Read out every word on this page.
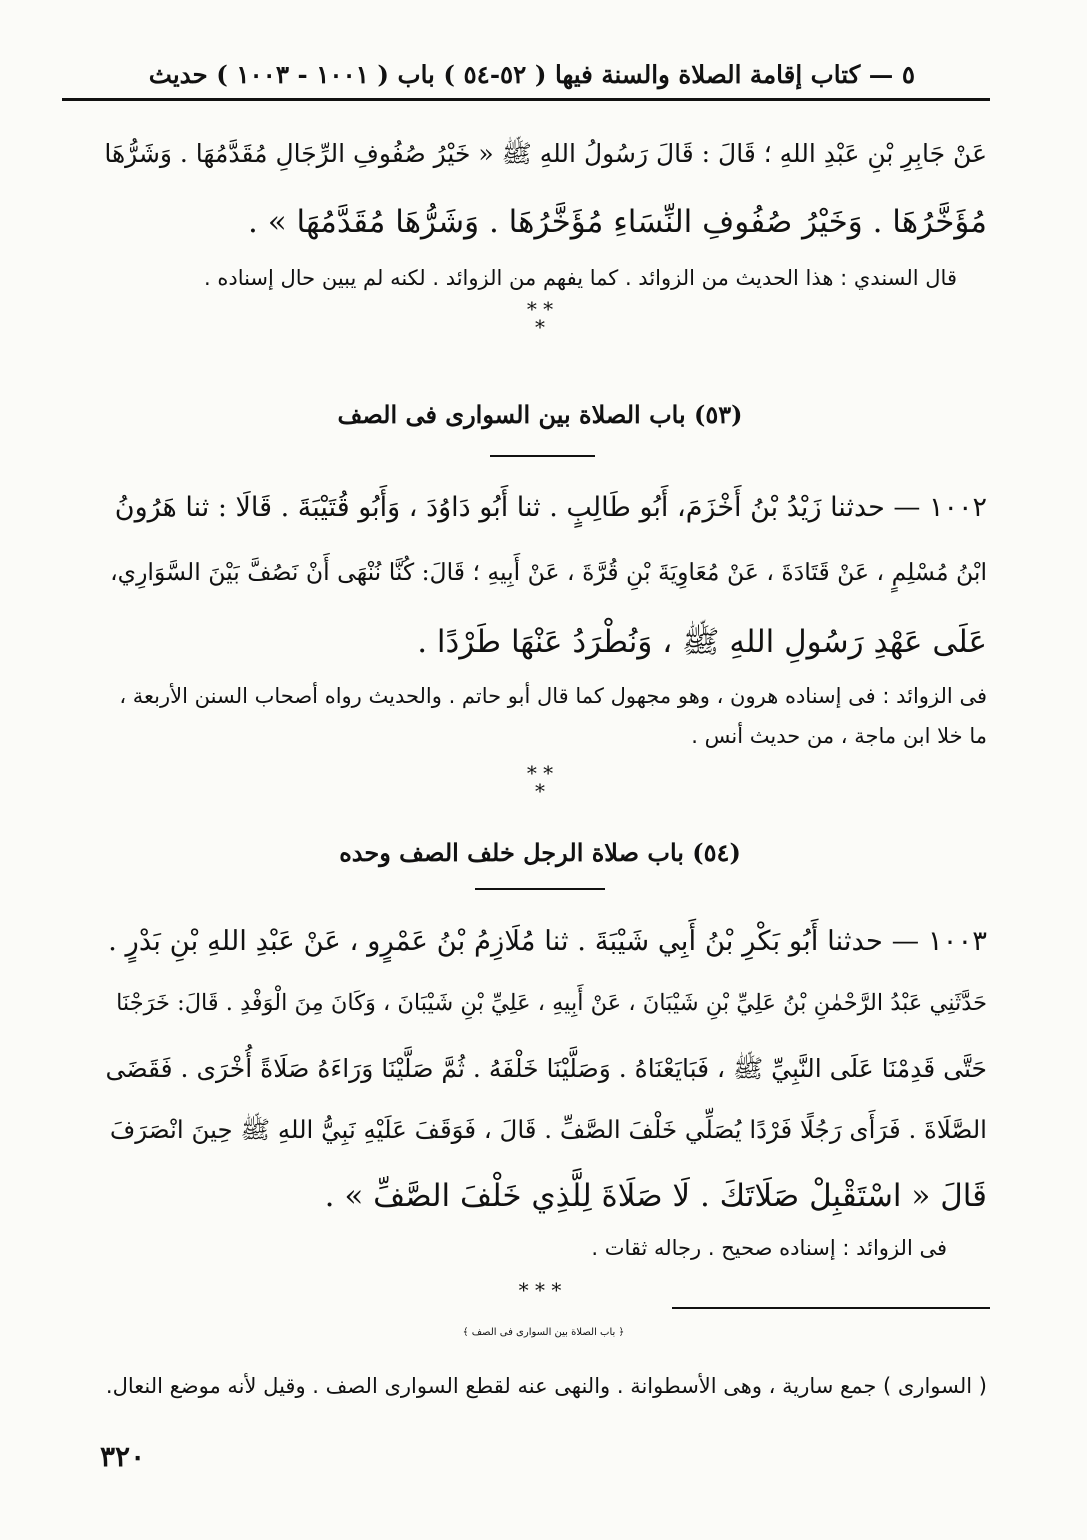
٥ — كتاب إقامة الصلاة والسنة فيها ( ٥٢-٥٤ ) باب ( ١٠٠١ - ١٠٠٣ ) حديث
عَنْ جَابِرِ بْنِ عَبْدِ اللهِ ؛ قَالَ : قَالَ رَسُولُ اللهِ ﷺ « خَيْرُ صُفُوفِ الرِّجَالِ مُقَدَّمُهَا . وَشَرُّهَا
مُؤَخَّرُهَا . وَخَيْرُ صُفُوفِ النِّسَاءِ مُؤَخَّرُهَا . وَشَرُّهَا مُقَدَّمُهَا » .
قال السندي : هذا الحديث من الزوائد . كما يفهم من الزوائد . لكنه لم يبين حال إسناده .
* *
*
(٥٣) باب الصلاة بين السوارى فى الصف
١٠٠٢ — حدثنا زَيْدُ بْنُ أَخْزَمَ، أَبُو طَالِبٍ . ثنا أَبُو دَاوُدَ ، وَأَبُو قُتَيْبَةَ . قَالَا : ثنا هَرُونُ
ابْنُ مُسْلِمٍ ، عَنْ قَتَادَةَ ، عَنْ مُعَاوِيَةَ بْنِ قُرَّةَ ، عَنْ أَبِيهِ ؛ قَالَ: كُنَّا نُنْهَى أَنْ نَصُفَّ بَيْنَ السَّوَارِي،
عَلَى عَهْدِ رَسُولِ اللهِ ﷺ ، وَنُطْرَدُ عَنْهَا طَرْدًا .
فى الزوائد : فى إسناده هرون ، وهو مجهول كما قال أبو حاتم . والحديث رواه أصحاب السنن الأربعة ،
ما خلا ابن ماجة ، من حديث أنس .
* *
*
(٥٤) باب صلاة الرجل خلف الصف وحده
١٠٠٣ — حدثنا أَبُو بَكْرِ بْنُ أَبِي شَيْبَةَ . ثنا مُلَازِمُ بْنُ عَمْرٍو ، عَنْ عَبْدِ اللهِ بْنِ بَدْرٍ .
حَدَّثَنِي عَبْدُ الرَّحْمٰنِ بْنُ عَلِيِّ بْنِ شَيْبَانَ ، عَنْ أَبِيهِ ، عَلِيِّ بْنِ شَيْبَانَ ، وَكَانَ مِنَ الْوَفْدِ . قَالَ: خَرَجْنَا
حَتَّى قَدِمْنَا عَلَى النَّبِيِّ ﷺ ، فَبَايَعْنَاهُ . وَصَلَّيْنَا خَلْفَهُ . ثُمَّ صَلَّيْنَا وَرَاءَهُ صَلَاةً أُخْرَى . فَقَضَى
الصَّلَاةَ . فَرَأَى رَجُلًا فَرْدًا يُصَلِّي خَلْفَ الصَّفِّ . قَالَ ، فَوَقَفَ عَلَيْهِ نَبِيُّ اللهِ ﷺ حِينَ انْصَرَفَ
قَالَ « اسْتَقْبِلْ صَلَاتَكَ . لَا صَلَاةَ لِلَّذِي خَلْفَ الصَّفِّ » .
فى الزوائد : إسناده صحيح . رجاله ثقات .
* * *
﴿ باب الصلاة بين السوارى فى الصف ﴾
( السوارى ) جمع سارية ، وهى الأسطوانة . والنهى عنه لقطع السوارى الصف . وقيل لأنه موضع النعال.
٣٢٠
